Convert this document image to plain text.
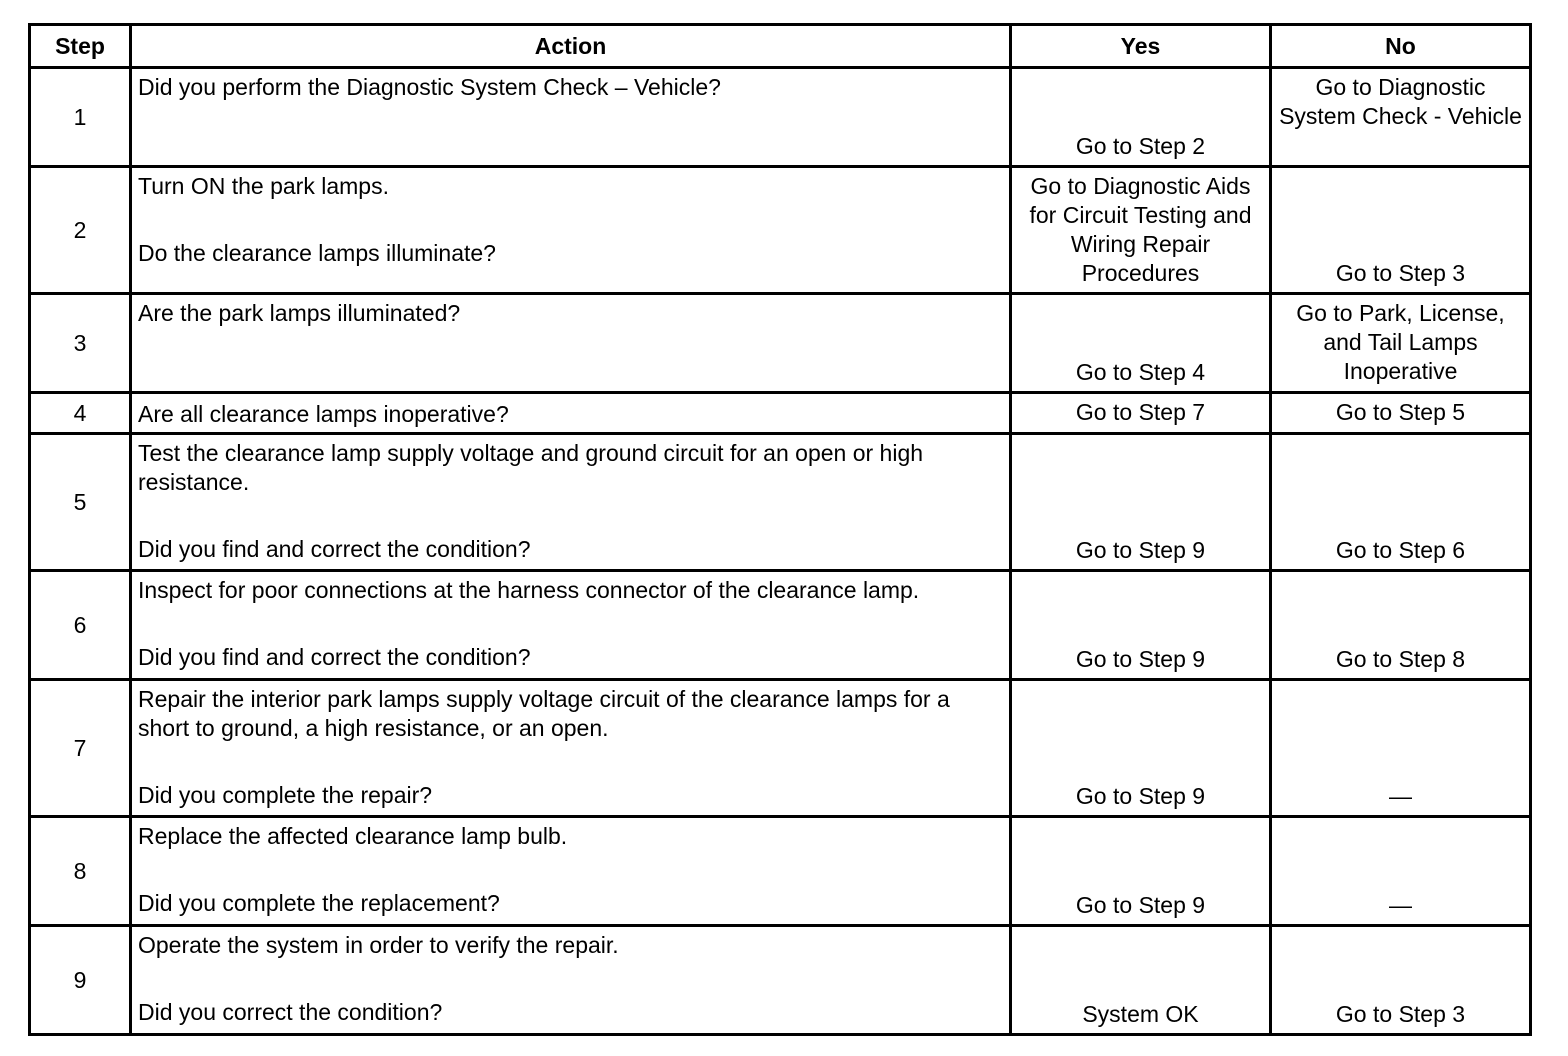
Step	Action	Yes	No
1	Did you perform the Diagnostic System Check – Vehicle?	Go to Step 2	Go to Diagnostic System Check - Vehicle
2	Turn ON the park lamps.
Do the clearance lamps illuminate?	Go to Diagnostic Aids for Circuit Testing and Wiring Repair Procedures	Go to Step 3
3	Are the park lamps illuminated?	Go to Step 4	Go to Park, License, and Tail Lamps Inoperative
4	Are all clearance lamps inoperative?	Go to Step 7	Go to Step 5
5	Test the clearance lamp supply voltage and ground circuit for an open or high resistance.
Did you find and correct the condition?	Go to Step 9	Go to Step 6
6	Inspect for poor connections at the harness connector of the clearance lamp.
Did you find and correct the condition?	Go to Step 9	Go to Step 8
7	Repair the interior park lamps supply voltage circuit of the clearance lamps for a short to ground, a high resistance, or an open.
Did you complete the repair?	Go to Step 9	—
8	Replace the affected clearance lamp bulb.
Did you complete the replacement?	Go to Step 9	—
9	Operate the system in order to verify the repair.
Did you correct the condition?	System OK	Go to Step 3
